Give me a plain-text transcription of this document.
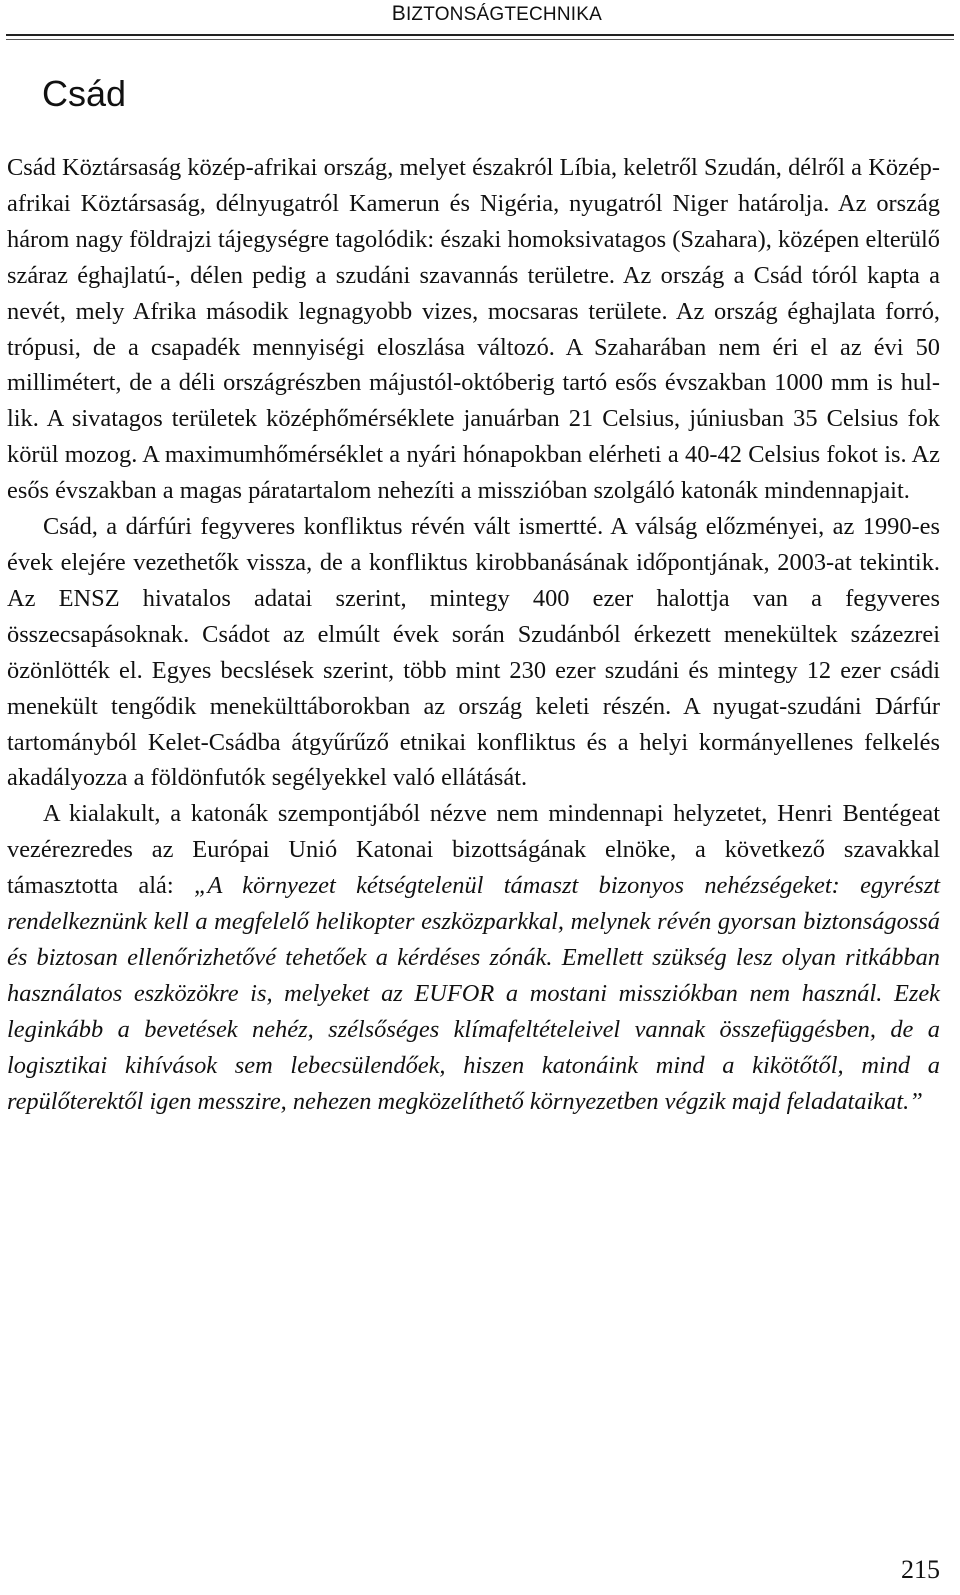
BIZTONSÁGTECHNIKA
Csád

Csád Köztársaság közép-afrikai ország, melyet északról Líbia, keletről Szudán, délről a Közép-afrikai Köztársaság, délnyugatról Kamerun és Nigéria, nyugatról Niger határolja. Az ország három nagy földrajzi tájegységre tagolódik: északi homoksivatagos (Szahara), középen elterülő száraz éghajlatú-, délen pedig a szudáni szavannás területre. Az ország a Csád tóról kapta a nevét, mely Afrika második legnagyobb vizes, mocsaras területe. Az ország éghajlata forró, trópusi, de a csapadék mennyiségi eloszlása változó. A Szaharában nem éri el az évi 50 millimétert, de a déli országrészben májustól-októberig tartó esős évszakban 1000 mm is hullik. A sivatagos területek középhőmérséklete januárban 21 Celsius, júniusban 35 Celsius fok körül mozog. A maximumhőmérséklet a nyári hónapokban elérheti a 40-42 Celsius fokot is. Az esős évszakban a magas páratartalom nehezíti a misszióban szolgáló katonák mindennapjait.

Csád, a dárfúri fegyveres konfliktus révén vált ismertté. A válság előzményei, az 1990-es évek elejére vezethetők vissza, de a konfliktus kirobbanásának időpontjának, 2003-at tekintik. Az ENSZ hivatalos adatai szerint, mintegy 400 ezer halottja van a fegyveres összecsapásoknak. Csádot az elmúlt évek során Szudánból érkezett menekültek százezrei özönlötték el. Egyes becslések szerint, több mint 230 ezer szudáni és mintegy 12 ezer csádi menekült tengődik menekülttáborokban az ország keleti részén. A nyugat-szudáni Dárfúr tartományból Kelet-Csádba átgyűrűző etnikai konfliktus és a helyi kormányellenes felkelés akadályozza a földönfutók segélyekkel való ellátását.

A kialakult, a katonák szempontjából nézve nem mindennapi helyzetet, Henri Bentégeat vezérezredes az Európai Unió Katonai bizottságának elnöke, a következő szavakkal támasztotta alá: „A környezet kétségtelenül támaszt bizonyos nehézségeket: egyrészt rendelkeznünk kell a megfelelő helikopter eszközparkkal, melynek révén gyorsan biztonságossá és biztosan ellenőrizhetővé tehetőek a kérdéses zónák. Emellett szükség lesz olyan ritkábban használatos eszközökre is, melyeket az EUFOR a mostani missziókban nem használ. Ezek leginkább a bevetések nehéz, szélsőséges klímafeltételeivel vannak összefüggésben, de a logisztikai kihívások sem lebecsülendőek, hiszen katonáink mind a kikötőtől, mind a repülőterektől igen messzire, nehezen megközelíthető környezetben végzik majd feladataikat.”

215
